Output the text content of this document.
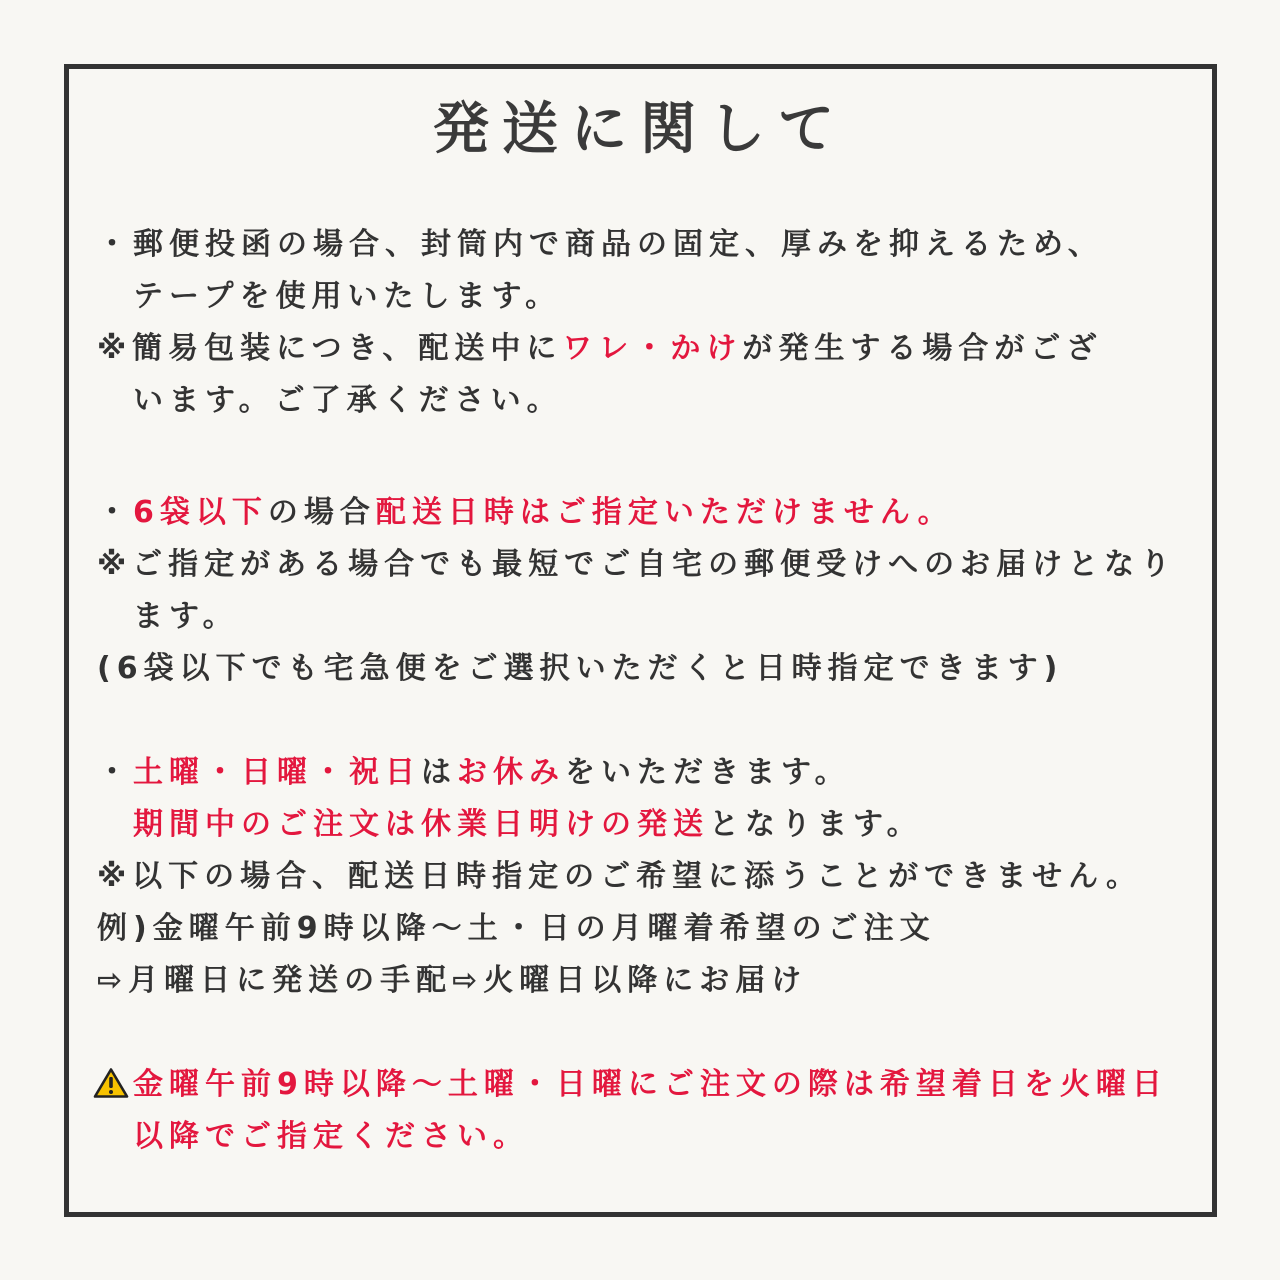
発送に関して
・郵便投函の場合、封筒内で商品の固定、厚みを抑えるため、
テープを使用いたします。
※簡易包装につき、配送中にワレ・かけが発生する場合がござ
います。ご了承ください。
・6袋以下の場合配送日時はご指定いただけません。
※ご指定がある場合でも最短でご自宅の郵便受けへのお届けとなり
ます。
(6袋以下でも宅急便をご選択いただくと日時指定できます)
・土曜・日曜・祝日はお休みをいただきます。
期間中のご注文は休業日明けの発送となります。
※以下の場合、配送日時指定のご希望に添うことができません。
例)金曜午前9時以降〜土・日の月曜着希望のご注文
⇨月曜日に発送の手配⇨火曜日以降にお届け
金曜午前9時以降〜土曜・日曜にご注文の際は希望着日を火曜日
以降でご指定ください。
